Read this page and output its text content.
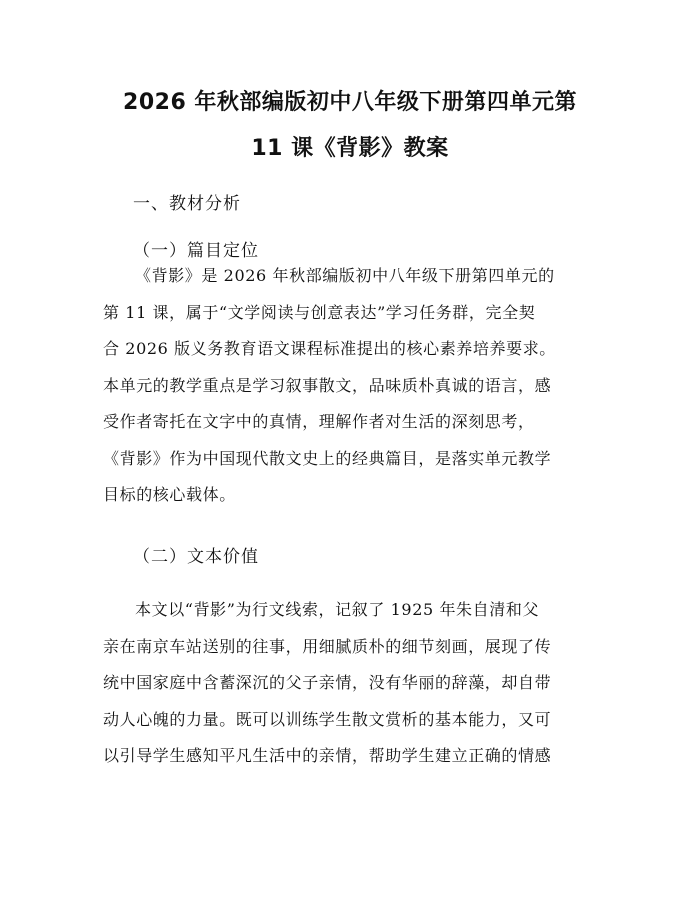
2026 年秋部编版初中八年级下册第四单元第
11 课《背影》教案
一、教材分析
（一）篇目定位
《背影》是 2026 年秋部编版初中八年级下册第四单元的
第 11 课，属于“文学阅读与创意表达”学习任务群，完全契
合 2026 版义务教育语文课程标准提出的核心素养培养要求。
本单元的教学重点是学习叙事散文，品味质朴真诚的语言，感
受作者寄托在文字中的真情，理解作者对生活的深刻思考，
《背影》作为中国现代散文史上的经典篇目，是落实单元教学
目标的核心载体。
（二）文本价值
本文以“背影”为行文线索，记叙了 1925 年朱自清和父
亲在南京车站送别的往事，用细腻质朴的细节刻画，展现了传
统中国家庭中含蓄深沉的父子亲情，没有华丽的辞藻，却自带
动人心魄的力量。既可以训练学生散文赏析的基本能力，又可
以引导学生感知平凡生活中的亲情，帮助学生建立正确的情感
